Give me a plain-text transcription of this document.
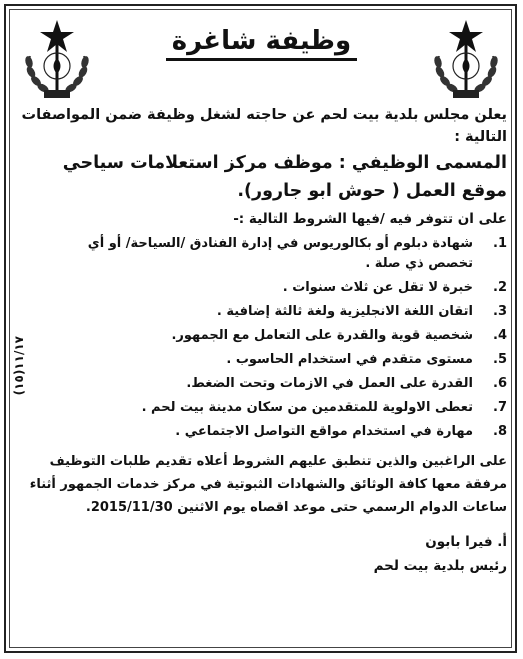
وظيفة شاغرة

يعلن مجلس بلدية بيت لحم عن حاجته لشغل وظيفة ضمن المواصفات التالية :

المسمى الوظيفي : موظف مركز استعلامات سياحي

موقع العمل ( حوش ابو جارور).

على ان تتوفر فيه /فيها الشروط التالية :-

1.
شهادة دبلوم أو بكالوريوس في إدارة الفنادق /السياحة/ أو أي تخصص ذي صلة .
2.
خبرة لا تقل عن ثلاث سنوات .
3.
اتقان اللغة الانجليزية ولغة ثالثة إضافية .
4.
شخصية قوية والقدرة على التعامل مع الجمهور.
5.
مستوى متقدم في استخدام الحاسوب .
6.
القدرة على العمل في الازمات وتحت الضغط.
7.
تعطى الاولوية للمتقدمين من سكان مدينة بيت لحم .
8.
مهارة في استخدام مواقع التواصل الاجتماعي .

على الراغبين والذين تنطبق عليهم الشروط أعلاه تقديم طلبات التوظيف مرفقة معها كافة الوثائق والشهادات الثبوتية في مركز خدمات الجمهور أثناء ساعات الدوام الرسمي حتى موعد اقصاه يوم الاثنين 2015/11/30.

أ. فيرا بابون

رئيس بلدية بيت لحم

(١٥)١١/١٧
